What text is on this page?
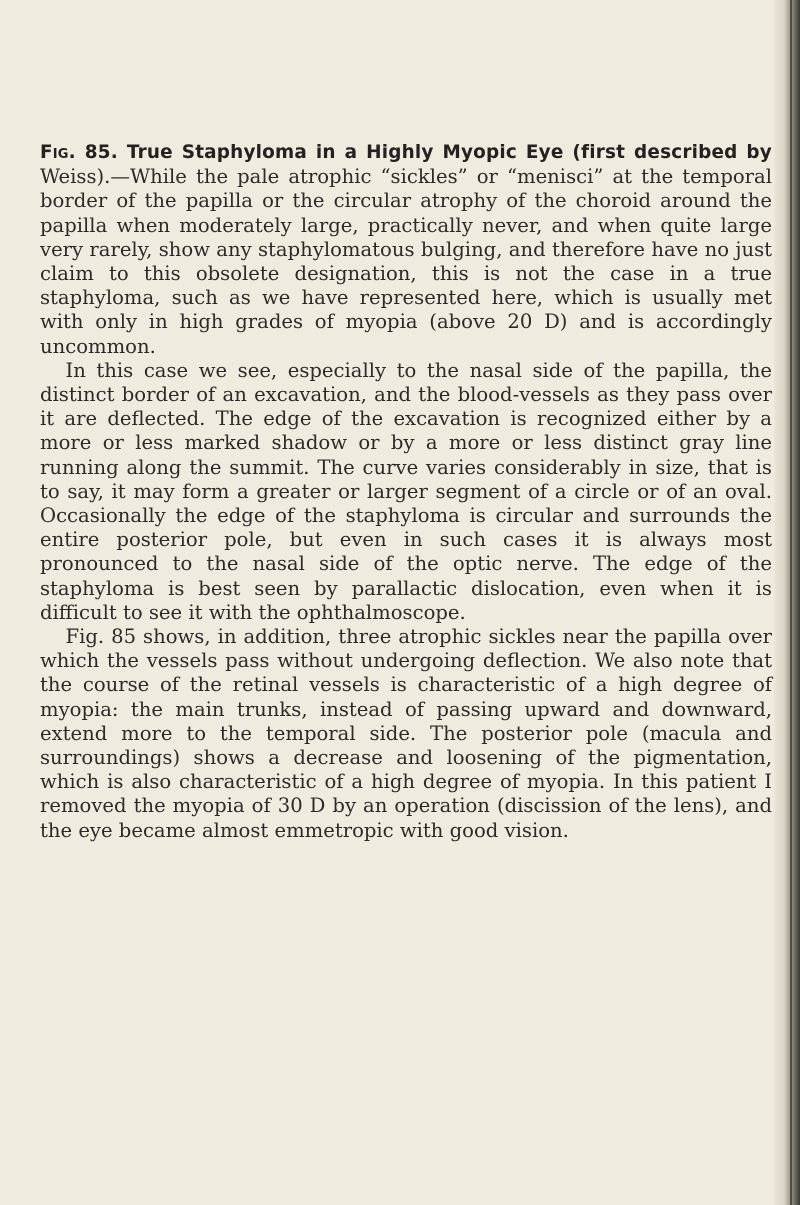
Fig. 85. True Staphyloma in a Highly Myopic Eye (first described by Weiss).—While the pale atrophic “sickles” or “menisci” at the temporal border of the papilla or the circular atrophy of the choroid around the papilla when moderately large, practically never, and when quite large very rarely, show any staphylomatous bulging, and therefore have no just claim to this obsolete designation, this is not the case in a true staphyloma, such as we have represented here, which is usually met with only in high grades of myopia (above 20 D) and is accordingly uncommon.

In this case we see, especially to the nasal side of the papilla, the distinct border of an excavation, and the blood-vessels as they pass over it are deflected. The edge of the excavation is recognized either by a more or less marked shadow or by a more or less distinct gray line running along the summit. The curve varies considerably in size, that is to say, it may form a greater or larger segment of a circle or of an oval. Occasionally the edge of the staphyloma is circular and surrounds the entire posterior pole, but even in such cases it is always most pronounced to the nasal side of the optic nerve. The edge of the staphyloma is best seen by parallactic dislocation, even when it is difficult to see it with the ophthalmoscope.

Fig. 85 shows, in addition, three atrophic sickles near the papilla over which the vessels pass without undergoing deflection. We also note that the course of the retinal vessels is characteristic of a high degree of myopia: the main trunks, instead of passing upward and downward, extend more to the temporal side. The posterior pole (macula and surroundings) shows a decrease and loosening of the pigmentation, which is also characteristic of a high degree of myopia. In this patient I removed the myopia of 30 D by an operation (discission of the lens), and the eye became almost emmetropic with good vision.
